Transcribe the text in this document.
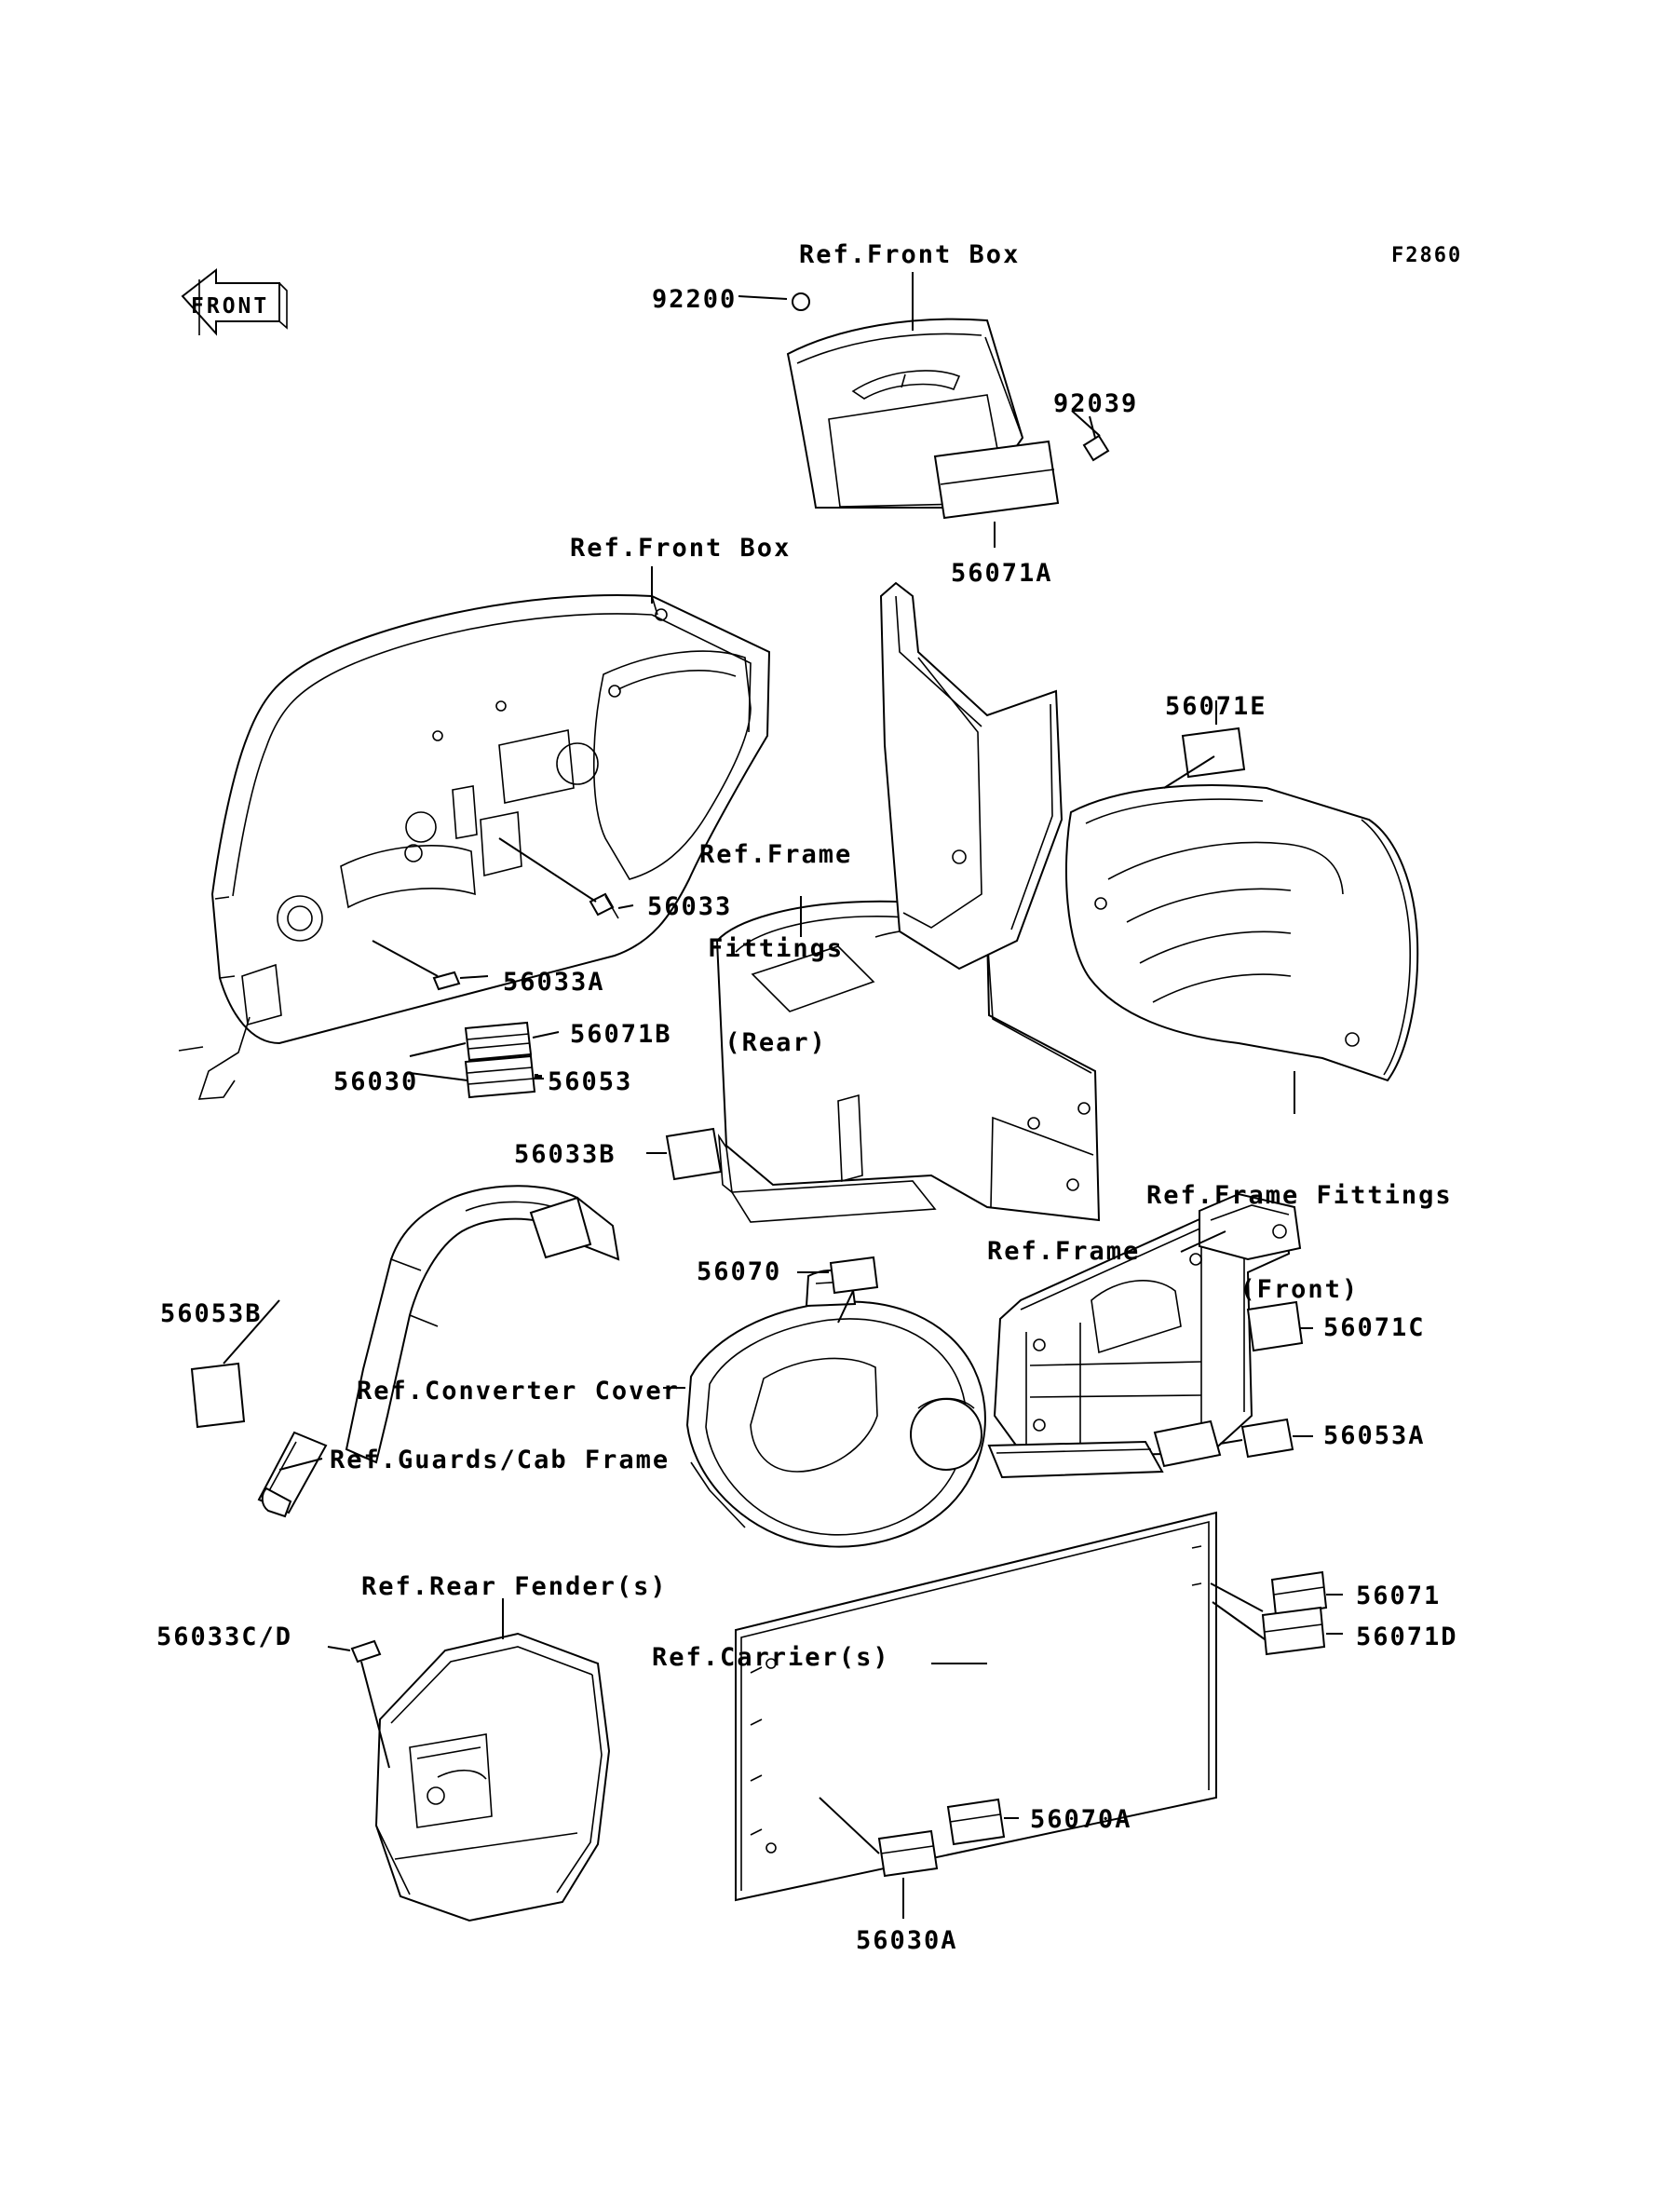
F2860
FRONT	92200
92039
56071A
56071E
56033
56033A
56071B
56030	56053
56033B
56070
56071C
56053B
56053A
56071
56071D
56033C/D
56070A
56030A
Ref.Front Box
Ref.Front Box

Ref.Frame

Fittings

(Rear)

Ref.Frame Fittings

(Front)

Ref.Frame
Ref.Converter Cover
Ref.Guards/Cab Frame
Ref.Rear Fender(s)
Ref.Carrier(s)
